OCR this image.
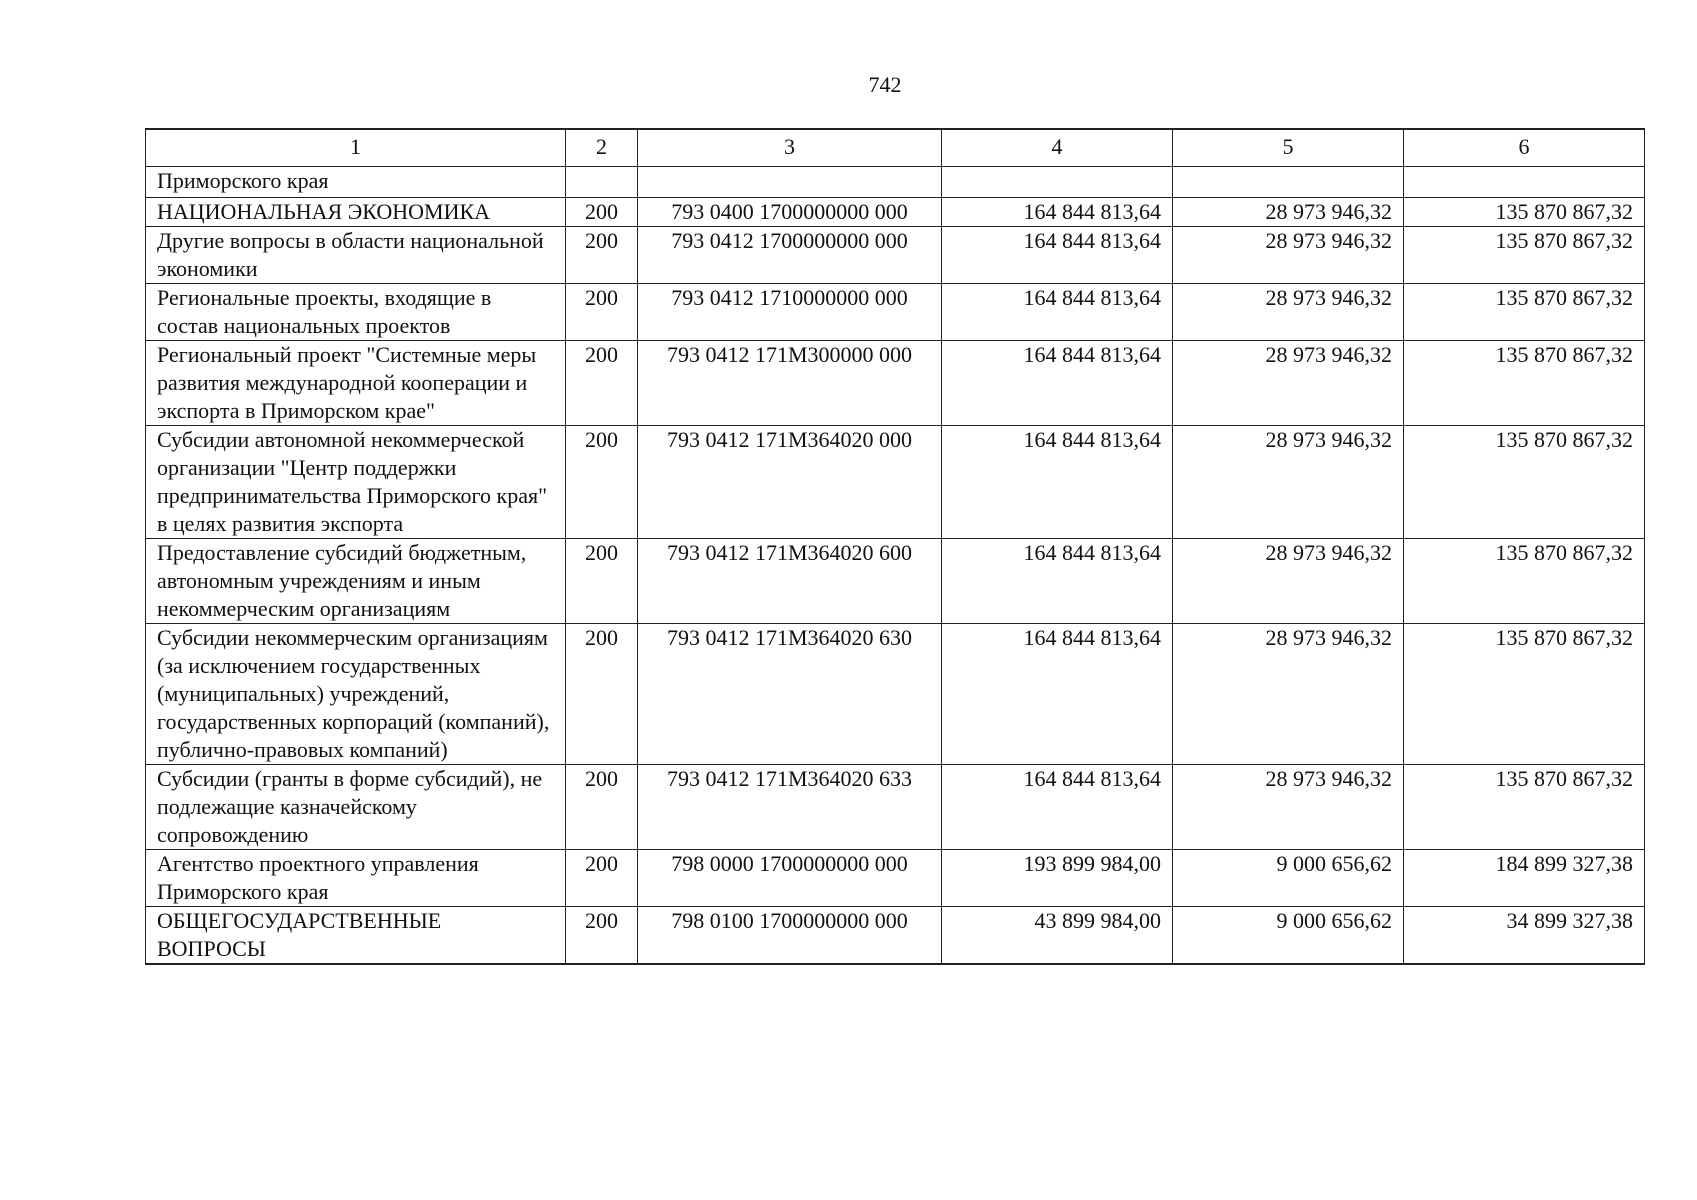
742
1	2	3	4	5	6
Приморского края					
НАЦИОНАЛЬНАЯ ЭКОНОМИКА	200	793 0400 1700000000 000	164 844 813,64	28 973 946,32	135 870 867,32
Другие вопросы в области национальной экономики	200	793 0412 1700000000 000	164 844 813,64	28 973 946,32	135 870 867,32
Региональные проекты, входящие в состав национальных проектов	200	793 0412 1710000000 000	164 844 813,64	28 973 946,32	135 870 867,32
Региональный проект "Системные меры развития международной кооперации и экспорта в Приморском крае"	200	793 0412 171M300000 000	164 844 813,64	28 973 946,32	135 870 867,32
Субсидии автономной некоммерческой организации "Центр поддержки предпринимательства Приморского края" в целях развития экспорта	200	793 0412 171M364020 000	164 844 813,64	28 973 946,32	135 870 867,32
Предоставление субсидий бюджетным, автономным учреждениям и иным некоммерческим организациям	200	793 0412 171M364020 600	164 844 813,64	28 973 946,32	135 870 867,32
Субсидии некоммерческим организациям (за исключением государственных (муниципальных) учреждений, государственных корпораций (компаний), публично-правовых компаний)	200	793 0412 171M364020 630	164 844 813,64	28 973 946,32	135 870 867,32
Субсидии (гранты в форме субсидий), не подлежащие казначейскому сопровождению	200	793 0412 171M364020 633	164 844 813,64	28 973 946,32	135 870 867,32
Агентство проектного управления Приморского края	200	798 0000 1700000000 000	193 899 984,00	9 000 656,62	184 899 327,38
ОБЩЕГОСУДАРСТВЕННЫЕ ВОПРОСЫ	200	798 0100 1700000000 000	43 899 984,00	9 000 656,62	34 899 327,38
